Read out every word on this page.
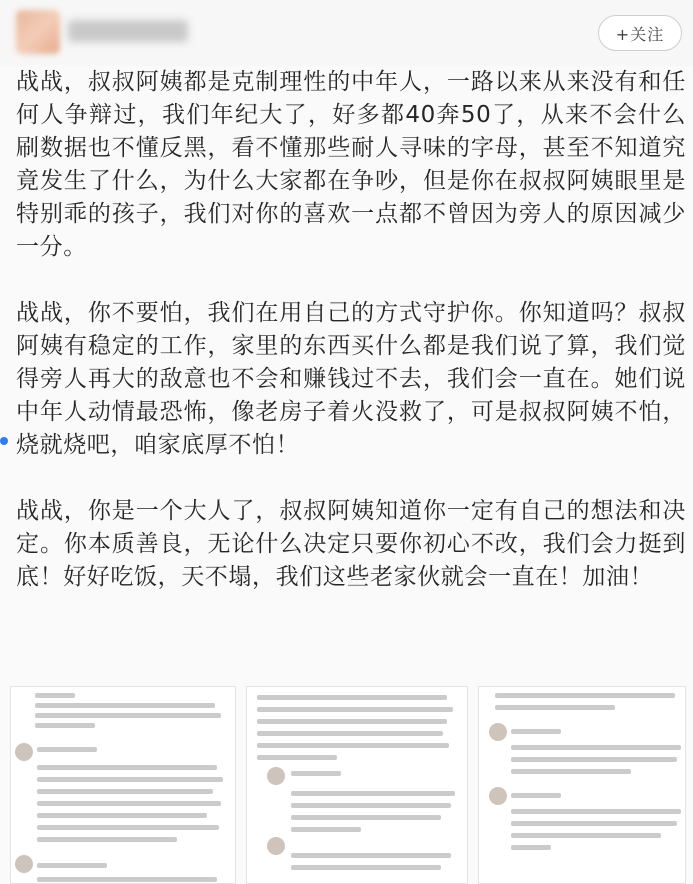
+关注

战战，叔叔阿姨都是克制理性的中年人，一路以来从来没有和任何人争辩过，我们年纪大了，好多都40奔50了，从来不会什么刷数据也不懂反黑，看不懂那些耐人寻味的字母，甚至不知道究竟发生了什么，为什么大家都在争吵，但是你在叔叔阿姨眼里是特别乖的孩子，我们对你的喜欢一点都不曾因为旁人的原因减少一分。

战战，你不要怕，我们在用自己的方式守护你。你知道吗？叔叔阿姨有稳定的工作，家里的东西买什么都是我们说了算，我们觉得旁人再大的敌意也不会和赚钱过不去，我们会一直在。她们说中年人动情最恐怖，像老房子着火没救了，可是叔叔阿姨不怕，烧就烧吧，咱家底厚不怕！

战战，你是一个大人了，叔叔阿姨知道你一定有自己的想法和决定。你本质善良，无论什么决定只要你初心不改，我们会力挺到底！好好吃饭，天不塌，我们这些老家伙就会一直在！加油！
